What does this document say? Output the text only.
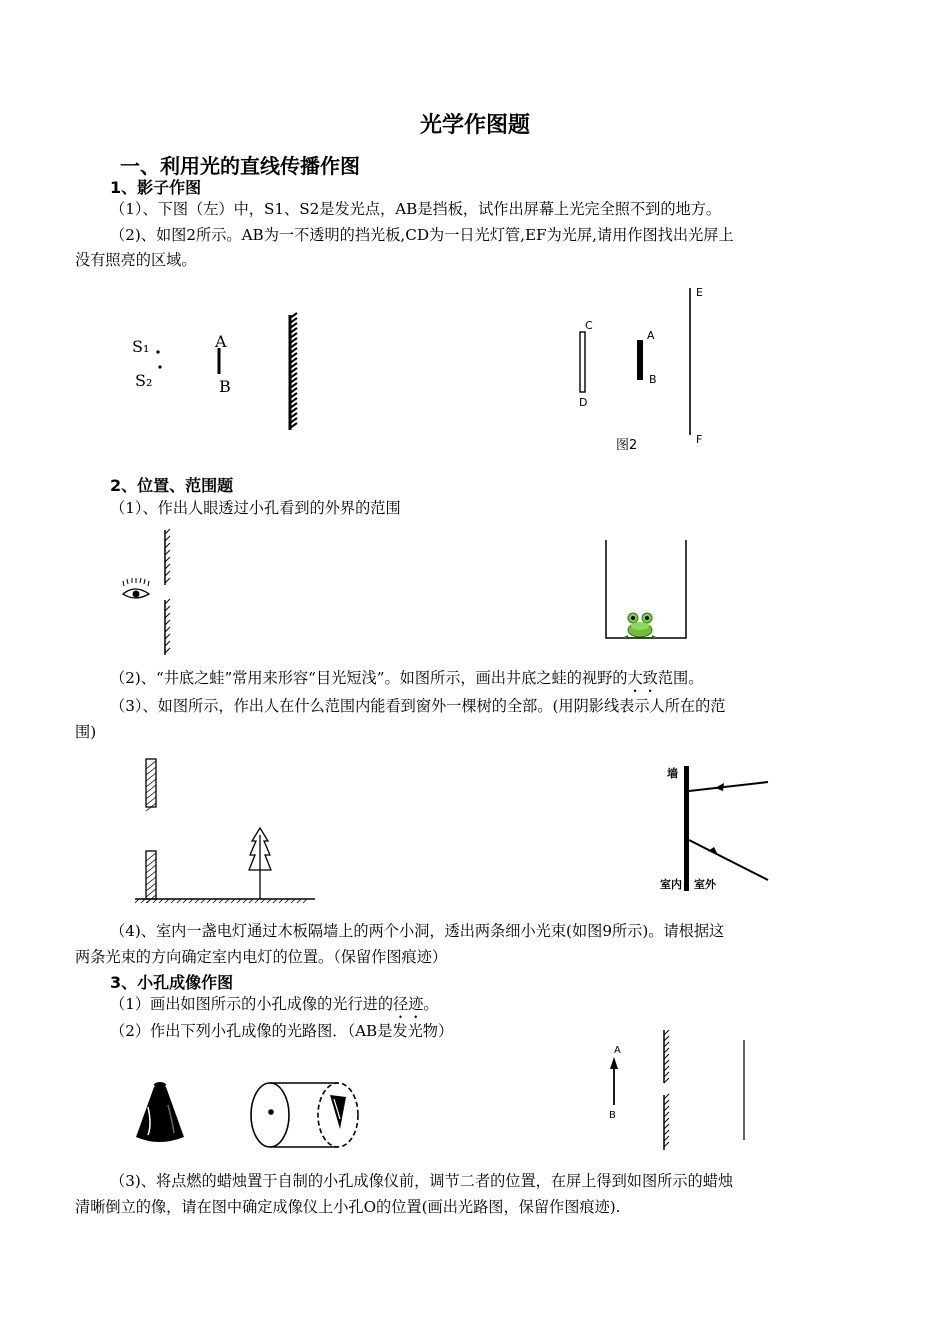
光学作图题
一、利用光的直线传播作图
1、影子作图
（1）、下图（左）中，S1、S2是发光点，AB是挡板，试作出屏幕上光完全照不到的地方。
（2)、如图2所示。AB为一不透明的挡光板,CD为一日光灯管,EF为光屏,请用作图找出光屏上
没有照亮的区域。
S₁
S₂
A
B
C
D
A
B
E
F
图2
2、位置、范围题
（1）、作出人眼透过小孔看到的外界的范围
（2)、“井底之蛙”常用来形容“目光短浅”。如图所示，画出井底之蛙的视野的大致范围。
（3）、如图所示，作出人在什么范围内能看到窗外一棵树的全部。(用阴影线表示人所在的范
围)
墙
室内 室外
（4)、室内一盏电灯通过木板隔墙上的两个小洞，透出两条细小光束(如图9所示)。请根据这
两条光束的方向确定室内电灯的位置。（保留作图痕迹）
3、小孔成像作图
（1）画出如图所示的小孔成像的光行进的径迹。
（2）作出下列小孔成像的光路图．（AB是发光物）
A
B
（3)、将点燃的蜡烛置于自制的小孔成像仪前，调节二者的位置，在屏上得到如图所示的蜡烛
清晰倒立的像，请在图中确定成像仪上小孔O的位置(画出光路图，保留作图痕迹).
